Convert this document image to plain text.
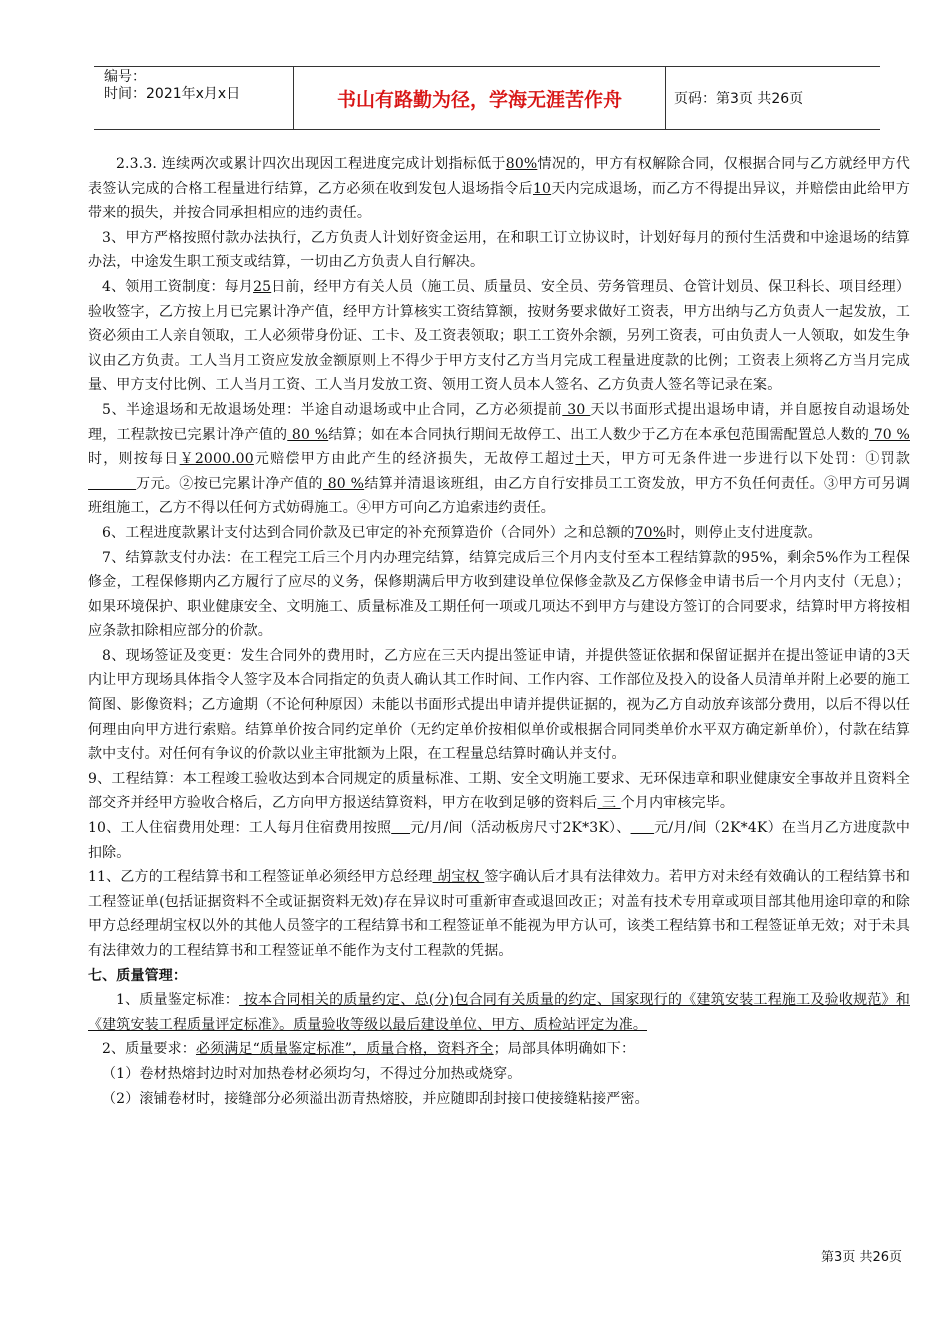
编号：
时间：2021年x月x日	书山有路勤为径，学海无涯苦作舟	页码：第3页 共26页

2.3.3. 连续两次或累计四次出现因工程进度完成计划指标低于80%情况的，甲方有权解除合同，仅根据合同与乙方就经甲方代表签认完成的合格工程量进行结算，乙方必须在收到发包人退场指令后10天内完成退场，而乙方不得提出异议，并赔偿由此给甲方带来的损失，并按合同承担相应的违约责任。

3、甲方严格按照付款办法执行，乙方负责人计划好资金运用，在和职工订立协议时，计划好每月的预付生活费和中途退场的结算办法，中途发生职工预支或结算，一切由乙方负责人自行解决。

4、领用工资制度：每月25日前，经甲方有关人员（施工员、质量员、安全员、劳务管理员、仓管计划员、保卫科长、项目经理）验收签字，乙方按上月已完累计净产值，经甲方计算核实工资结算额，按财务要求做好工资表，甲方出纳与乙方负责人一起发放，工资必须由工人亲自领取，工人必须带身份证、工卡、及工资表领取；职工工资外余额，另列工资表，可由负责人一人领取，如发生争议由乙方负责。工人当月工资应发放金额原则上不得少于甲方支付乙方当月完成工程量进度款的比例；工资表上须将乙方当月完成量、甲方支付比例、工人当月工资、工人当月发放工资、领用工资人员本人签名、乙方负责人签名等记录在案。

5、半途退场和无故退场处理：半途自动退场或中止合同，乙方必须提前 30 天以书面形式提出退场申请，并自愿按自动退场处理，工程款按已完累计净产值的 80 %结算；如在本合同执行期间无故停工、出工人数少于乙方在本承包范围需配置总人数的 70 %时，则按每日￥2000.00元赔偿甲方由此产生的经济损失，无故停工超过十天，甲方可无条件进一步进行以下处罚：①罚款          万元。②按已完累计净产值的 80 %结算并清退该班组，由乙方自行安排员工工资发放，甲方不负任何责任。③甲方可另调班组施工，乙方不得以任何方式妨碍施工。④甲方可向乙方追索违约责任。

6、工程进度款累计支付达到合同价款及已审定的补充预算造价（合同外）之和总额的70%时，则停止支付进度款。

7、结算款支付办法：在工程完工后三个月内办理完结算，结算完成后三个月内支付至本工程结算款的95%，剩余5%作为工程保修金，工程保修期内乙方履行了应尽的义务，保修期满后甲方收到建设单位保修金款及乙方保修金申请书后一个月内支付（无息）；如果环境保护、职业健康安全、文明施工、质量标准及工期任何一项或几项达不到甲方与建设方签订的合同要求，结算时甲方将按相应条款扣除相应部分的价款。

8、现场签证及变更：发生合同外的费用时，乙方应在三天内提出签证申请，并提供签证依据和保留证据并在提出签证申请的3天内让甲方现场具体指令人签字及本合同指定的负责人确认其工作时间、工作内容、工作部位及投入的设备人员清单并附上必要的施工简图、影像资料；乙方逾期（不论何种原因）未能以书面形式提出申请并提供证据的，视为乙方自动放弃该部分费用，以后不得以任何理由向甲方进行索赔。结算单价按合同约定单价（无约定单价按相似单价或根据合同同类单价水平双方确定新单价），付款在结算款中支付。对任何有争议的价款以业主审批额为上限，在工程量总结算时确认并支付。

9、工程结算：本工程竣工验收达到本合同规定的质量标准、工期、安全文明施工要求、无环保违章和职业健康安全事故并且资料全部交齐并经甲方验收合格后，乙方向甲方报送结算资料，甲方在收到足够的资料后 三 个月内审核完毕。

10、工人住宿费用处理：工人每月住宿费用按照 元/月/间（活动板房尺寸2K*3K）、 元/月/间（2K*4K）在当月乙方进度款中扣除。

11、乙方的工程结算书和工程签证单必须经甲方总经理 胡宝权 签字确认后才具有法律效力。若甲方对未经有效确认的工程结算书和工程签证单(包括证据资料不全或证据资料无效)存在异议时可重新审查或退回改正；对盖有技术专用章或项目部其他用途印章的和除甲方总经理胡宝权以外的其他人员签字的工程结算书和工程签证单不能视为甲方认可，该类工程结算书和工程签证单无效；对于未具有法律效力的工程结算书和工程签证单不能作为支付工程款的凭据。

七、质量管理：

1、质量鉴定标准： 按本合同相关的质量约定、总(分)包合同有关质量的约定、国家现行的《建筑安装工程施工及验收规范》和《建筑安装工程质量评定标准》。质量验收等级以最后建设单位、甲方、质检站评定为准。

2、质量要求：必须满足“质量鉴定标准”，质量合格，资料齐全；局部具体明确如下：

（1）卷材热熔封边时对加热卷材必须均匀，不得过分加热或烧穿。

（2）滚铺卷材时，接缝部分必须溢出沥青热熔胶，并应随即刮封接口使接缝粘接严密。

第3页 共26页
